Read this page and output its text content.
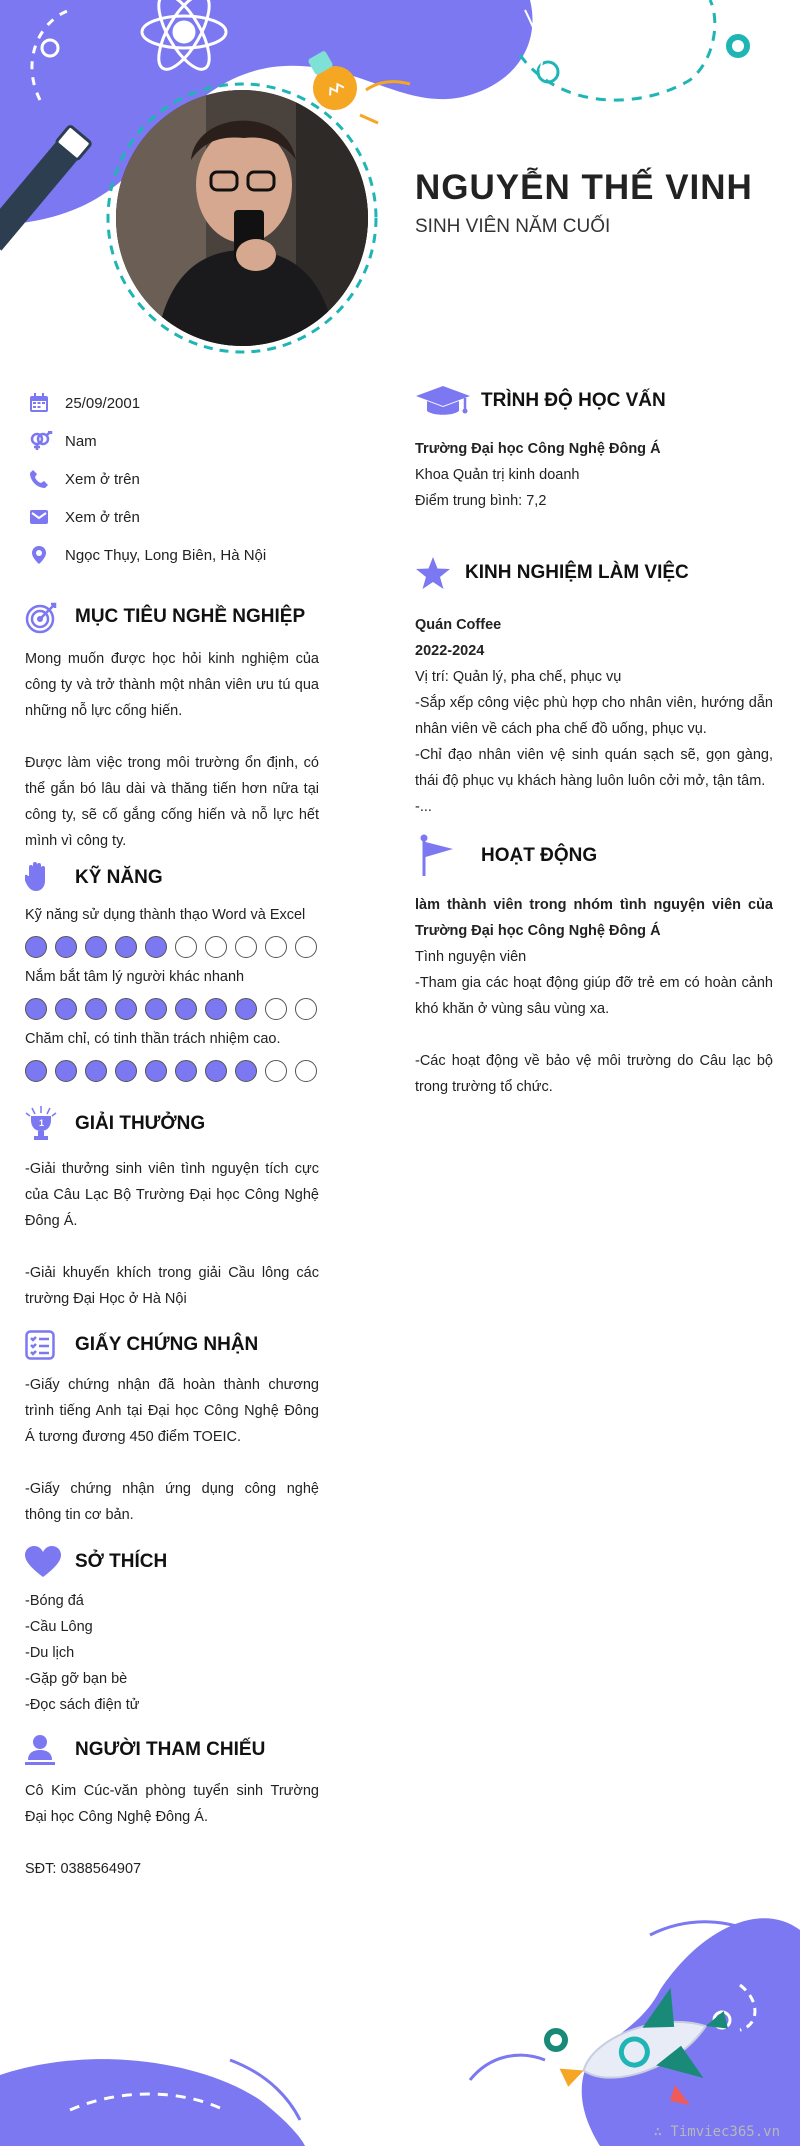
NGUYỄN THẾ VINH
SINH VIÊN NĂM CUỐI
25/09/2001
Nam
Xem ở trên
Xem ở trên
Ngọc Thụy, Long Biên, Hà Nội
MỤC TIÊU NGHỀ NGHIỆP

Mong muốn được học hỏi kinh nghiệm của công ty và trở thành một nhân viên ưu tú qua những nỗ lực cống hiến.

Được làm việc trong môi trường ổn định, có thể gắn bó lâu dài và thăng tiến hơn nữa tại công ty, sẽ cố gắng cống hiến và nỗ lực hết mình vì công ty.

KỸ NĂNG
Kỹ năng sử dụng thành thạo Word và Excel
Nắm bắt tâm lý người khác nhanh
Chăm chỉ, có tinh thần trách nhiệm cao.
1 GIẢI THƯỞNG

-Giải thưởng sinh viên tình nguyện tích cực của Câu Lạc Bộ Trường Đại học Công Nghệ Đông Á.

-Giải khuyến khích trong giải Cầu lông các trường Đại Học ở Hà Nội

GIẤY CHỨNG NHẬN

-Giấy chứng nhận đã hoàn thành chương trình tiếng Anh tại Đại học Công Nghệ Đông Á tương đương 450 điểm TOEIC.

-Giấy chứng nhận ứng dụng công nghệ thông tin cơ bản.

SỞ THÍCH
-Bóng đá
-Cầu Lông
-Du lịch
-Gặp gỡ bạn bè
-Đọc sách điện tử
NGƯỜI THAM CHIẾU

Cô Kim Cúc-văn phòng tuyển sinh Trường Đại học Công Nghệ Đông Á.

SĐT: 0388564907

TRÌNH ĐỘ HỌC VẤN
Trường Đại học Công Nghệ Đông Á
Khoa Quản trị kinh doanh
Điểm trung bình: 7,2
KINH NGHIỆM LÀM VIỆC
Quán Coffee
2022-2024
Vị trí: Quản lý, pha chế, phục vụ
-Sắp xếp công việc phù hợp cho nhân viên, hướng dẫn nhân viên về cách pha chế đồ uống, phục vụ.
-Chỉ đạo nhân viên vệ sinh quán sạch sẽ, gọn gàng, thái độ phục vụ khách hàng luôn luôn cởi mở, tận tâm.
-...
HOẠT ĐỘNG
làm thành viên trong nhóm tình nguyện viên của Trường Đại học Công Nghệ Đông Á
Tình nguyện viên
-Tham gia các hoạt động giúp đỡ trẻ em có hoàn cảnh khó khăn ở vùng sâu vùng xa.
-Các hoạt động về bảo vệ môi trường do Câu lạc bộ trong trường tổ chức.
∴ Timviec365.vn
